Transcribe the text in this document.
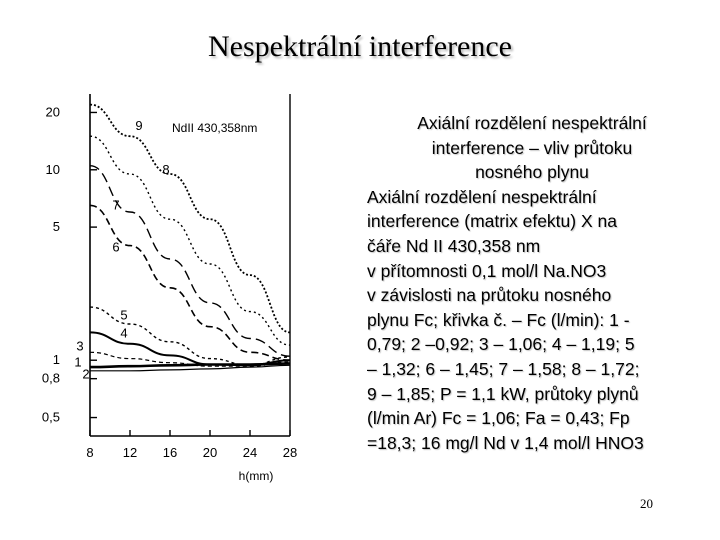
Nespektrální interference
20
10
5
1
0,8
0,5
8 12 16 20 24 28
h(mm)
NdII 430,358nm
1
2
3
4
5
6
7
8
9	Axiální rozdělení nespektrální
interference – vliv průtoku
nosného plynu
Axiální rozdělení nespektrální
interference (matrix efektu) X na
čáře Nd II 430,358 nm
v přítomnosti 0,1 mol/l Na.NO3
v závislosti na průtoku nosného
plynu Fc; křivka č. – Fc (l/min): 1 -
0,79; 2 –0,92; 3 – 1,06; 4 – 1,19; 5
– 1,32; 6 – 1,45; 7 – 1,58; 8 – 1,72;
9 – 1,85; P = 1,1 kW, průtoky plynů
(l/min Ar) Fc = 1,06; Fa = 0,43; Fp
=18,3; 16 mg/l Nd v 1,4 mol/l HNO3
20
